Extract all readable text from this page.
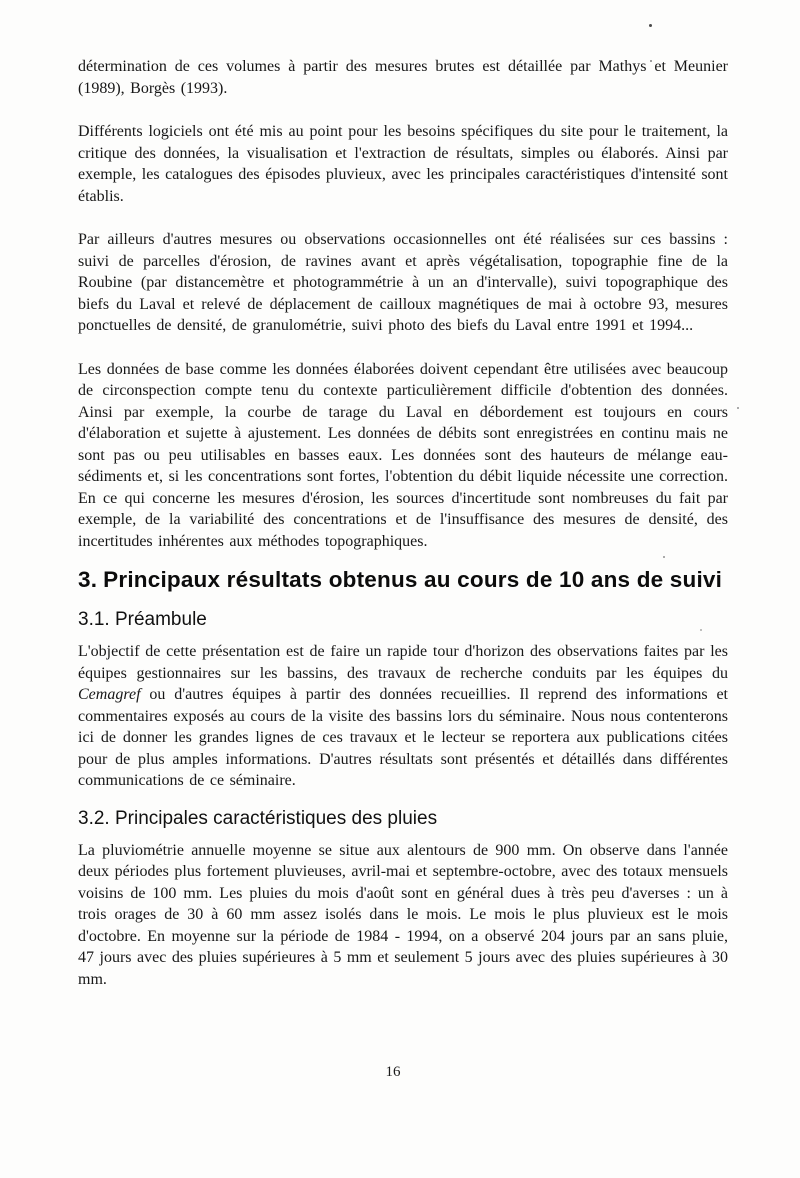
détermination de ces volumes à partir des mesures brutes est détaillée par Mathys et Meunier (1989), Borgès (1993).

Différents logiciels ont été mis au point pour les besoins spécifiques du site pour le traitement, la critique des données, la visualisation et l'extraction de résultats, simples ou élaborés. Ainsi par exemple, les catalogues des épisodes pluvieux, avec les principales caractéristiques d'intensité sont établis.

Par ailleurs d'autres mesures ou observations occasionnelles ont été réalisées sur ces bassins : suivi de parcelles d'érosion, de ravines avant et après végétalisation, topographie fine de la Roubine (par distancemètre et photogrammétrie à un an d'intervalle), suivi topographique des biefs du Laval et relevé de déplacement de cailloux magnétiques de mai à octobre 93, mesures ponctuelles de densité, de granulométrie, suivi photo des biefs du Laval entre 1991 et 1994...

Les données de base comme les données élaborées doivent cependant être utilisées avec beaucoup de circonspection compte tenu du contexte particulièrement difficile d'obtention des données. Ainsi par exemple, la courbe de tarage du Laval en débordement est toujours en cours d'élaboration et sujette à ajustement. Les données de débits sont enregistrées en continu mais ne sont pas ou peu utilisables en basses eaux. Les données sont des hauteurs de mélange eau-sédiments et, si les concentrations sont fortes, l'obtention du débit liquide nécessite une correction. En ce qui concerne les mesures d'érosion, les sources d'incertitude sont nombreuses du fait par exemple, de la variabilité des concentrations et de l'insuffisance des mesures de densité, des incertitudes inhérentes aux méthodes topographiques.

3. Principaux résultats obtenus au cours de 10 ans de suivi
3.1. Préambule

L'objectif de cette présentation est de faire un rapide tour d'horizon des observations faites par les équipes gestionnaires sur les bassins, des travaux de recherche conduits par les équipes du Cemagref ou d'autres équipes à partir des données recueillies. Il reprend des informations et commentaires exposés au cours de la visite des bassins lors du séminaire. Nous nous contenterons ici de donner les grandes lignes de ces travaux et le lecteur se reportera aux publications citées pour de plus amples informations. D'autres résultats sont présentés et détaillés dans différentes communications de ce séminaire.

3.2. Principales caractéristiques des pluies

La pluviométrie annuelle moyenne se situe aux alentours de 900 mm. On observe dans l'année deux périodes plus fortement pluvieuses, avril-mai et septembre-octobre, avec des totaux mensuels voisins de 100 mm. Les pluies du mois d'août sont en général dues à très peu d'averses : un à trois orages de 30 à 60 mm assez isolés dans le mois. Le mois le plus pluvieux est le mois d'octobre. En moyenne sur la période de 1984 - 1994, on a observé 204 jours par an sans pluie, 47 jours avec des pluies supérieures à 5 mm et seulement 5 jours avec des pluies supérieures à 30 mm.

16
